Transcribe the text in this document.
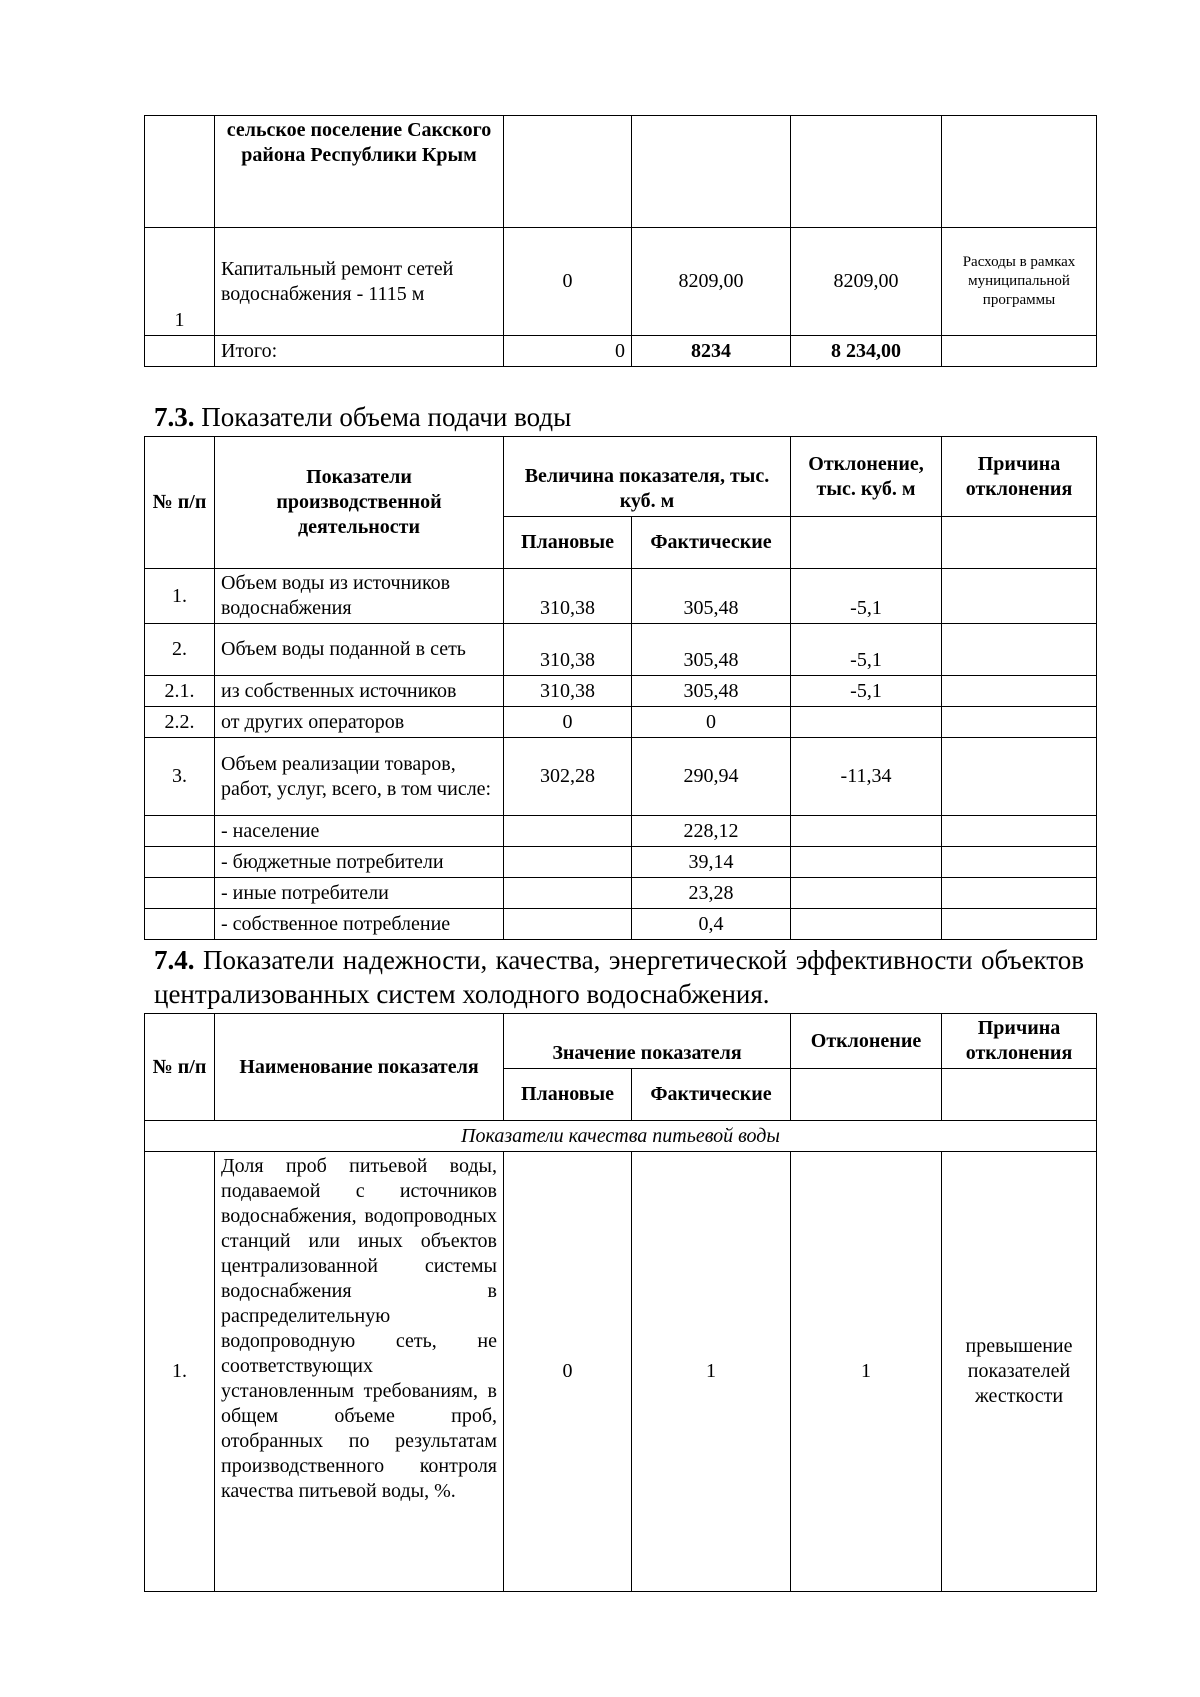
	сельское поселение Сакского района Республики Крым				
1	Капитальный ремонт сетей водоснабжения - 1115 м	0	8209,00	8209,00	Расходы в рамках муниципальной программы
	Итого:	0	8234	8 234,00	
7.3. Показатели объема подачи воды
№ п/п	Показатели производственной деятельности	Величина показателя, тыс. куб. м		Отклонение, тыс. куб. м	Причина отклонения
		Плановые	Фактические		
1.	Объем воды из источников водоснабжения	310,38	305,48	-5,1	
2.	Объем воды поданной в сеть	310,38	305,48	-5,1	
2.1.	из собственных источников	310,38	305,48	-5,1	
2.2.	от других операторов	0	0		
3.	Объем реализации товаров, работ, услуг, всего, в том числе:	302,28	290,94	-11,34	
	- население		228,12		
	- бюджетные потребители		39,14		
	- иные потребители		23,28		
	- собственное потребление		0,4		
7.4. Показатели надежности, качества, энергетической эффективности объектов централизованных систем холодного водоснабжения.
№ п/п	Наименование показателя	Значение показателя		Отклонение	Причина отклонения
		Плановые	Фактические		
Показатели качества питьевой воды					
1.	Доля проб питьевой воды, подаваемой с источников водоснабжения, водопроводных станций или иных объектов централизованной системы водоснабжения в распределительную водопроводную сеть, не соответствующих установленным требованиям, в общем объеме проб, отобранных по результатам производственного контроля качества питьевой воды, %.	0	1	1	превышение показателей жесткости
